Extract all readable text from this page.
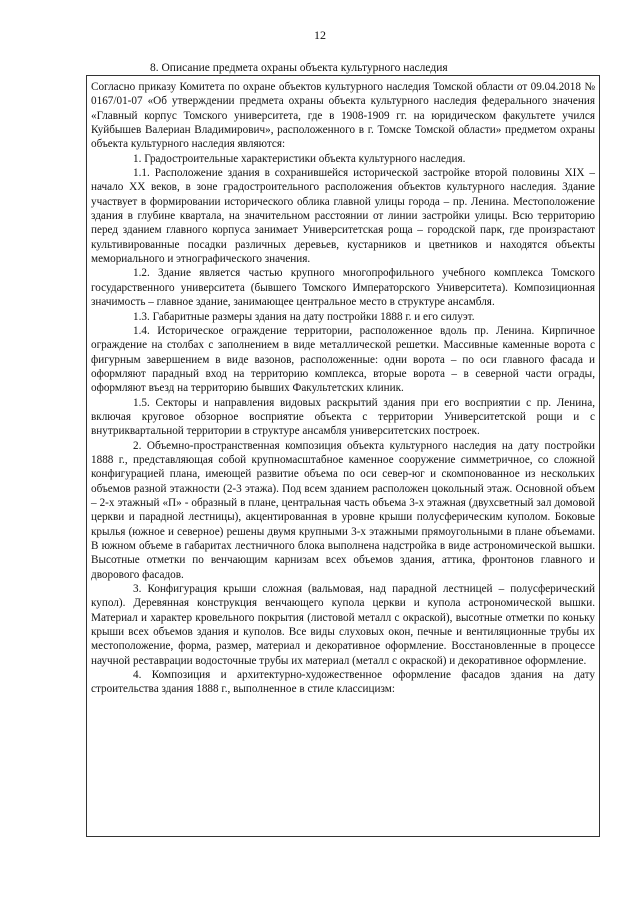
12
8. Описание предмета охраны объекта культурного наследия

Согласно приказу Комитета по охране объектов культурного наследия Томской области от 09.04.2018 № 0167/01-07 «Об утверждении предмета охраны объекта культурного наследия федерального значения «Главный корпус Томского университета, где в 1908-1909 гг. на юридическом факультете учился Куйбышев Валериан Владимирович», расположенного в г. Томске Томской области» предметом охраны объекта культурного наследия являются:

1. Градостроительные характеристики объекта культурного наследия.

1.1. Расположение здания в сохранившейся исторической застройке второй половины XIX – начало XX веков, в зоне градостроительного расположения объектов культурного наследия. Здание участвует в формировании исторического облика главной улицы города – пр. Ленина. Местоположение здания в глубине квартала, на значительном расстоянии от линии застройки улицы. Всю территорию перед зданием главного корпуса занимает Университетская роща – городской парк, где произрастают культивированные посадки различных деревьев, кустарников и цветников и находятся объекты мемориального и этнографического значения.

1.2. Здание является частью крупного многопрофильного учебного комплекса Томского государственного университета (бывшего Томского Императорского Университета). Композиционная значимость – главное здание, занимающее центральное место в структуре ансамбля.

1.3. Габаритные размеры здания на дату постройки 1888 г. и его силуэт.

1.4. Историческое ограждение территории, расположенное вдоль пр. Ленина. Кирпичное ограждение на столбах с заполнением в виде металлической решетки. Массивные каменные ворота с фигурным завершением в виде вазонов, расположенные: одни ворота – по оси главного фасада и оформляют парадный вход на территорию комплекса, вторые ворота – в северной части ограды, оформляют въезд на территорию бывших Факультетских клиник.

1.5. Секторы и направления видовых раскрытий здания при его восприятии с пр. Ленина, включая круговое обзорное восприятие объекта с территории Университетской рощи и с внутриквартальной территории в структуре ансамбля университетских построек.

2. Объемно-пространственная композиция объекта культурного наследия на дату постройки 1888 г., представляющая собой крупномасштабное каменное сооружение симметричное, со сложной конфигурацией плана, имеющей развитие объема по оси север-юг и скомпонованное из нескольких объемов разной этажности (2-3 этажа). Под всем зданием расположен цокольный этаж. Основной объем – 2-х этажный «П» - образный в плане, центральная часть объема 3-х этажная (двухсветный зал домовой церкви и парадной лестницы), акцентированная в уровне крыши полусферическим куполом. Боковые крылья (южное и северное) решены двумя крупными 3-х этажными прямоугольными в плане объемами. В южном объеме в габаритах лестничного блока выполнена надстройка в виде астрономической вышки. Высотные отметки по венчающим карнизам всех объемов здания, аттика, фронтонов главного и дворового фасадов.

3. Конфигурация крыши сложная (вальмовая, над парадной лестницей – полусферический купол). Деревянная конструкция венчающего купола церкви и купола астрономической вышки. Материал и характер кровельного покрытия (листовой металл с окраской), высотные отметки по коньку крыши всех объемов здания и куполов. Все виды слуховых окон, печные и вентиляционные трубы их местоположение, форма, размер, материал и декоративное оформление. Восстановленные в процессе научной реставрации водосточные трубы их материал (металл с окраской) и декоративное оформление.

4. Композиция и архитектурно-художественное оформление фасадов здания на дату строительства здания 1888 г., выполненное в стиле классицизм:
